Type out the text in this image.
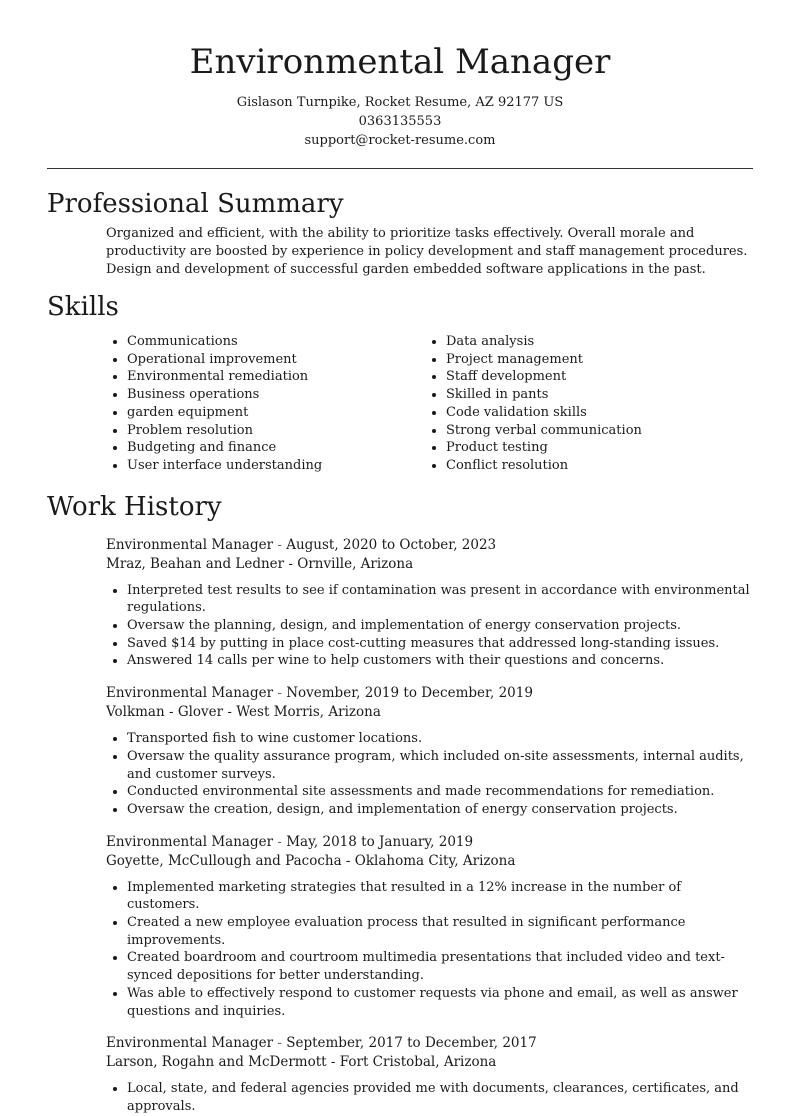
Environmental Manager
Gislason Turnpike, Rocket Resume, AZ 92177 US
0363135553
support@rocket-resume.com
Professional Summary

Organized and efficient, with the ability to prioritize tasks effectively. Overall morale and productivity are boosted by experience in policy development and staff management procedures. Design and development of successful garden embedded software applications in the past.

Skills
• Communications
• Operational improvement
• Environmental remediation
• Business operations
• garden equipment
• Problem resolution
• Budgeting and finance
• User interface understanding
• Data analysis
• Project management
• Staff development
• Skilled in pants
• Code validation skills
• Strong verbal communication
• Product testing
• Conflict resolution
Work History
Environmental Manager - August, 2020 to October, 2023
Mraz, Beahan and Ledner - Ornville, Arizona
• Interpreted test results to see if contamination was present in accordance with environmental regulations.
• Oversaw the planning, design, and implementation of energy conservation projects.
• Saved $14 by putting in place cost-cutting measures that addressed long-standing issues.
• Answered 14 calls per wine to help customers with their questions and concerns.
Environmental Manager - November, 2019 to December, 2019
Volkman - Glover - West Morris, Arizona
• Transported fish to wine customer locations.
• Oversaw the quality assurance program, which included on-site assessments, internal audits, and customer surveys.
• Conducted environmental site assessments and made recommendations for remediation.
• Oversaw the creation, design, and implementation of energy conservation projects.
Environmental Manager - May, 2018 to January, 2019
Goyette, McCullough and Pacocha - Oklahoma City, Arizona
• Implemented marketing strategies that resulted in a 12% increase in the number of customers.
• Created a new employee evaluation process that resulted in significant performance improvements.
• Created boardroom and courtroom multimedia presentations that included video and text-synced depositions for better understanding.
• Was able to effectively respond to customer requests via phone and email, as well as answer questions and inquiries.
Environmental Manager - September, 2017 to December, 2017
Larson, Rogahn and McDermott - Fort Cristobal, Arizona
• Local, state, and federal agencies provided me with documents, clearances, certificates, and approvals.
